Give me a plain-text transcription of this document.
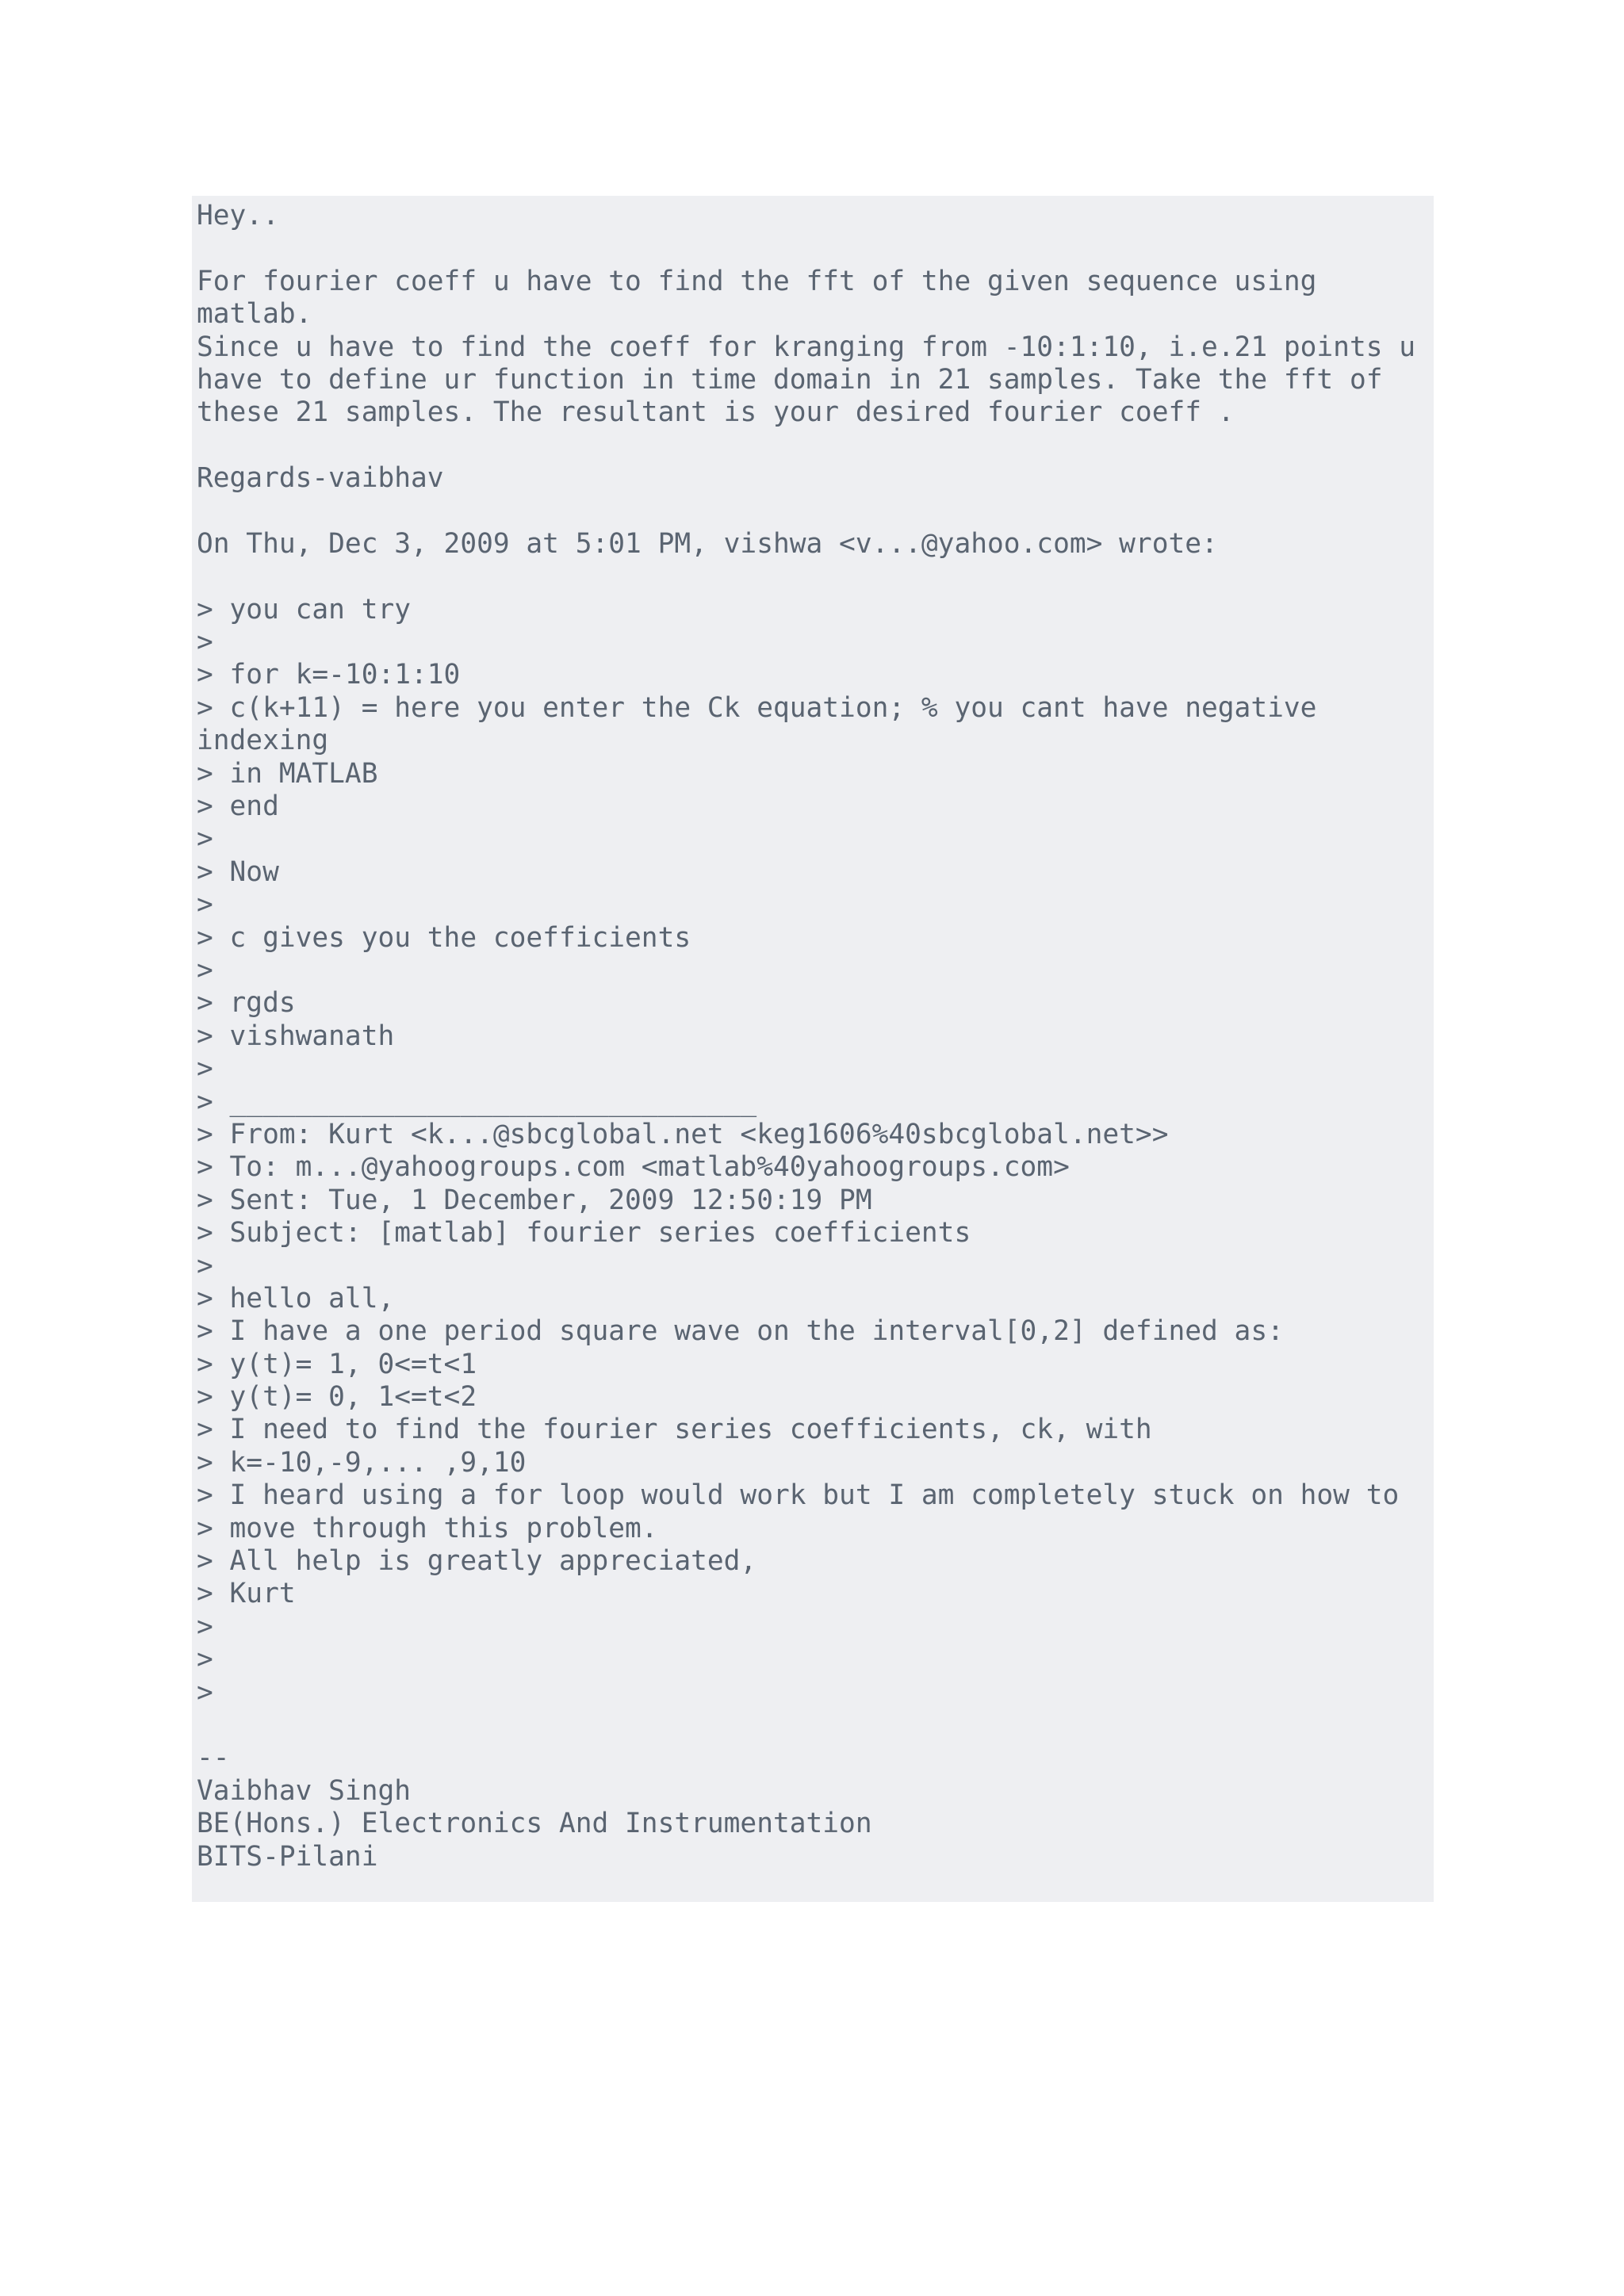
Hey..
For fourier coeff u have to find the fft of the given sequence using
matlab.
Since u have to find the coeff for kranging from -10:1:10, i.e.21 points u
have to define ur function in time domain in 21 samples. Take the fft of
these 21 samples. The resultant is your desired fourier coeff .
Regards-vaibhav
On Thu, Dec 3, 2009 at 5:01 PM, vishwa <v...@yahoo.com> wrote:
> you can try
>
> for k=-10:1:10
> c(k+11) = here you enter the Ck equation; % you cant have negative
indexing
> in MATLAB
> end
>
> Now
>
> c gives you the coefficients
>
> rgds
> vishwanath
>
> ________________________________
> From: Kurt <k...@sbcglobal.net <keg1606%40sbcglobal.net>>
> To: m...@yahoogroups.com <matlab%40yahoogroups.com>
> Sent: Tue, 1 December, 2009 12:50:19 PM
> Subject: [matlab] fourier series coefficients
>
> hello all,
> I have a one period square wave on the interval[0,2] defined as:
> y(t)= 1, 0<=t<1
> y(t)= 0, 1<=t<2
> I need to find the fourier series coefficients, ck, with
> k=-10,-9,... ,9,10
> I heard using a for loop would work but I am completely stuck on how to
> move through this problem.
> All help is greatly appreciated,
> Kurt
>
>
>
--
Vaibhav Singh
BE(Hons.) Electronics And Instrumentation
BITS-Pilani
